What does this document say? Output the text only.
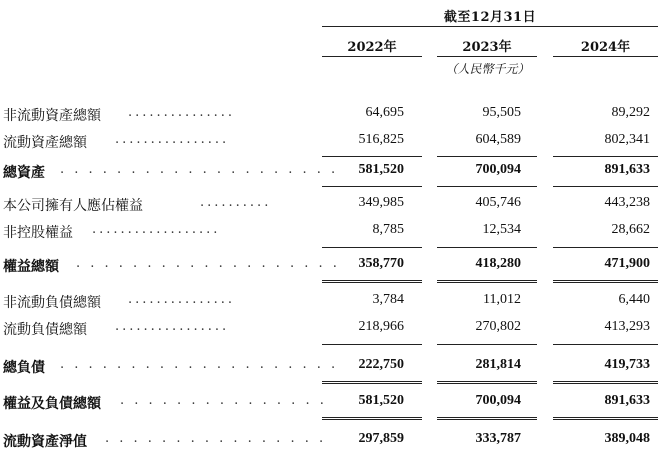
截至12月31日
2022年	2023年	2024年
（人民幣千元）
非流動資產總額 ...............	64,695	95,505	89,292
流動資產總額 ................	516,825	604,589	802,341
總資產 . . . . . . . . . . . . . . . . . . . .	581,520	700,094	891,633
本公司擁有人應佔權益	..........	349,985	405,746	443,238
非控股權益 ..................	8,785	12,534	28,662
權益總額 . . . . . . . . . . . . . . . . . . .	358,770	418,280	471,900
非流動負債總額 ...............	3,784	11,012	6,440
流動負債總額 ................	218,966	270,802	413,293
總負債 . . . . . . . . . . . . . . . . . . . .	222,750	281,814	419,733
權益及負債總額 . . . . . . . . . . . . . . .	581,520	700,094	891,633
流動資產淨值 . . . . . . . . . . . . . . . .	297,859	333,787	389,048
